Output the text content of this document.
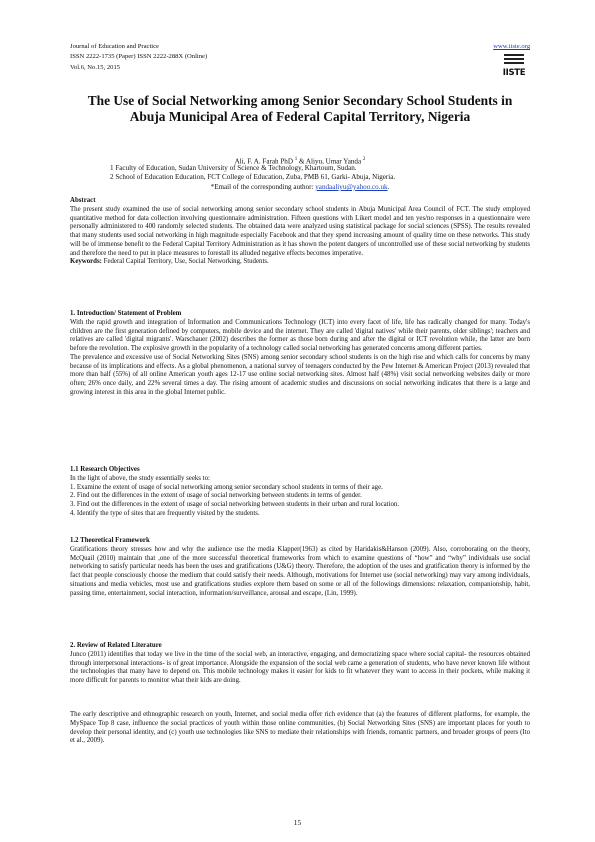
Journal of Education and Practice
ISSN 2222-1735 (Paper) ISSN 2222-288X (Online)
Vol.6, No.15, 2015
www.iiste.org
IISTE
The Use of Social Networking among Senior Secondary School Students in Abuja Municipal Area of Federal Capital Territory, Nigeria
Ali, F. A. Farah PhD $^1$ & Aliyu, Umar Yanda $^2$
1 Faculty of Education, Sudan University of Science & Technology, Khartoum, Sudan.
2 School of Education Education, FCT College of Education, Zuba, PMB 61, Garki- Abuja, Nigeria.
*Email of the corresponding author: yandaaliyu@yahoo.co.uk.

Abstract

The present study examined the use of social networking among senior secondary school students in Abuja Municipal Area Council of FCT. The study employed quantitative method for data collection involving questionnaire administration. Fifteen questions with Likert model and ten yes/no responses in a questionnaire were personally administered to 400 randomly selected students. The obtained data were analyzed using statistical package for social sciences (SPSS). The results revealed that many students used social networking in high magnitude especially Facebook and that they spend increasing amount of quality time on these networks. This study will be of immense benefit to the Federal Capital Territory Administration as it has shown the potent dangers of uncontrolled use of these social networking by students and therefore the need to put in place measures to forestall its alluded negative effects becomes imperative.

Keywords: Federal Capital Territory, Use, Social Networking, Students.

1. Introduction/ Statement of Problem

With the rapid growth and integration of Information and Communications Technology (ICT) into every facet of life, life has radically changed for many. Today's children are the first generation defined by computers, mobile device and the internet. They are called 'digital natives' while their parents, older siblings'; teachers and relatives are called 'digital migrants'. Warschauer (2002) describes the former as those born during and after the digital or ICT revolution while, the latter are born before the revolution. The explosive growth in the popularity of a technology called social networking has generated concerns among different parties.

The prevalence and excessive use of Social Networking Sites (SNS) among senior secondary school students is on the high rise and which calls for concerns by many because of its implications and effects. As a global phenomenon, a national survey of teenagers conducted by the Pew Internet & American Project (2013) revealed that more than half (55%) of all online American youth ages 12-17 use online social networking sites. Almost half (48%) visit social networking websites daily or more often; 26% once daily, and 22% several times a day. The rising amount of academic studies and discussions on social networking indicates that there is a large and growing interest in this area in the global Internet public.

1.1 Research Objectives

In the light of above, the study essentially seeks to:

1. Examine the extent of usage of social networking among senior secondary school students in terms of their age.

2. Find out the differences in the extent of usage of social networking between students in terms of gender.

3. Find out the differences in the extent of usage of social networking between students in their urban and rural location.

4. Identify the type of sites that are frequently visited by the students.

1.2 Theoretical Framework

Gratifications theory stresses how and why the audience use the media Klapper(1963) as cited by Haridakis&Hanson (2009). Also, corroborating on the theory, McQuail (2010) maintain that ,one of the more successful theoretical frameworks from which to examine questions of “how” and “why” individuals use social networking to satisfy particular needs has been the uses and gratifications (U&G) theory. Therefore, the adoption of the uses and gratification theory is informed by the fact that people consciously choose the medium that could satisfy their needs. Although, motivations for Internet use (social networking) may vary among individuals, situations and media vehicles, most use and gratifications studies explore them based on some or all of the followings dimensions: relaxation, companionship, habit, passing time, entertainment, social interaction, information/surveillance, arousal and escape, (Lin, 1999).

2. Review of Related Literature

Junco (2011) identifies that today we live in the time of the social web, an interactive, engaging, and democratizing space where social capital- the resources obtained through interpersonal interactions- is of great importance. Alongside the expansion of the social web came a generation of students, who have never known life without the technologies that many have to depend on. This mobile technology makes it easier for kids to fit whatever they want to access in their pockets, while making it more difficult for parents to monitor what their kids are doing.

The early descriptive and ethnographic research on youth, Internet, and social media offer rich evidence that (a) the features of different platforms, for example, the MySpace Top 8 case, influence the social practices of youth within those online communities, (b) Social Networking Sites (SNS) are important places for youth to develop their personal identity, and (c) youth use technologies like SNS to mediate their relationships with friends, romantic partners, and broader groups of peers (Ito et al., 2009).

15
